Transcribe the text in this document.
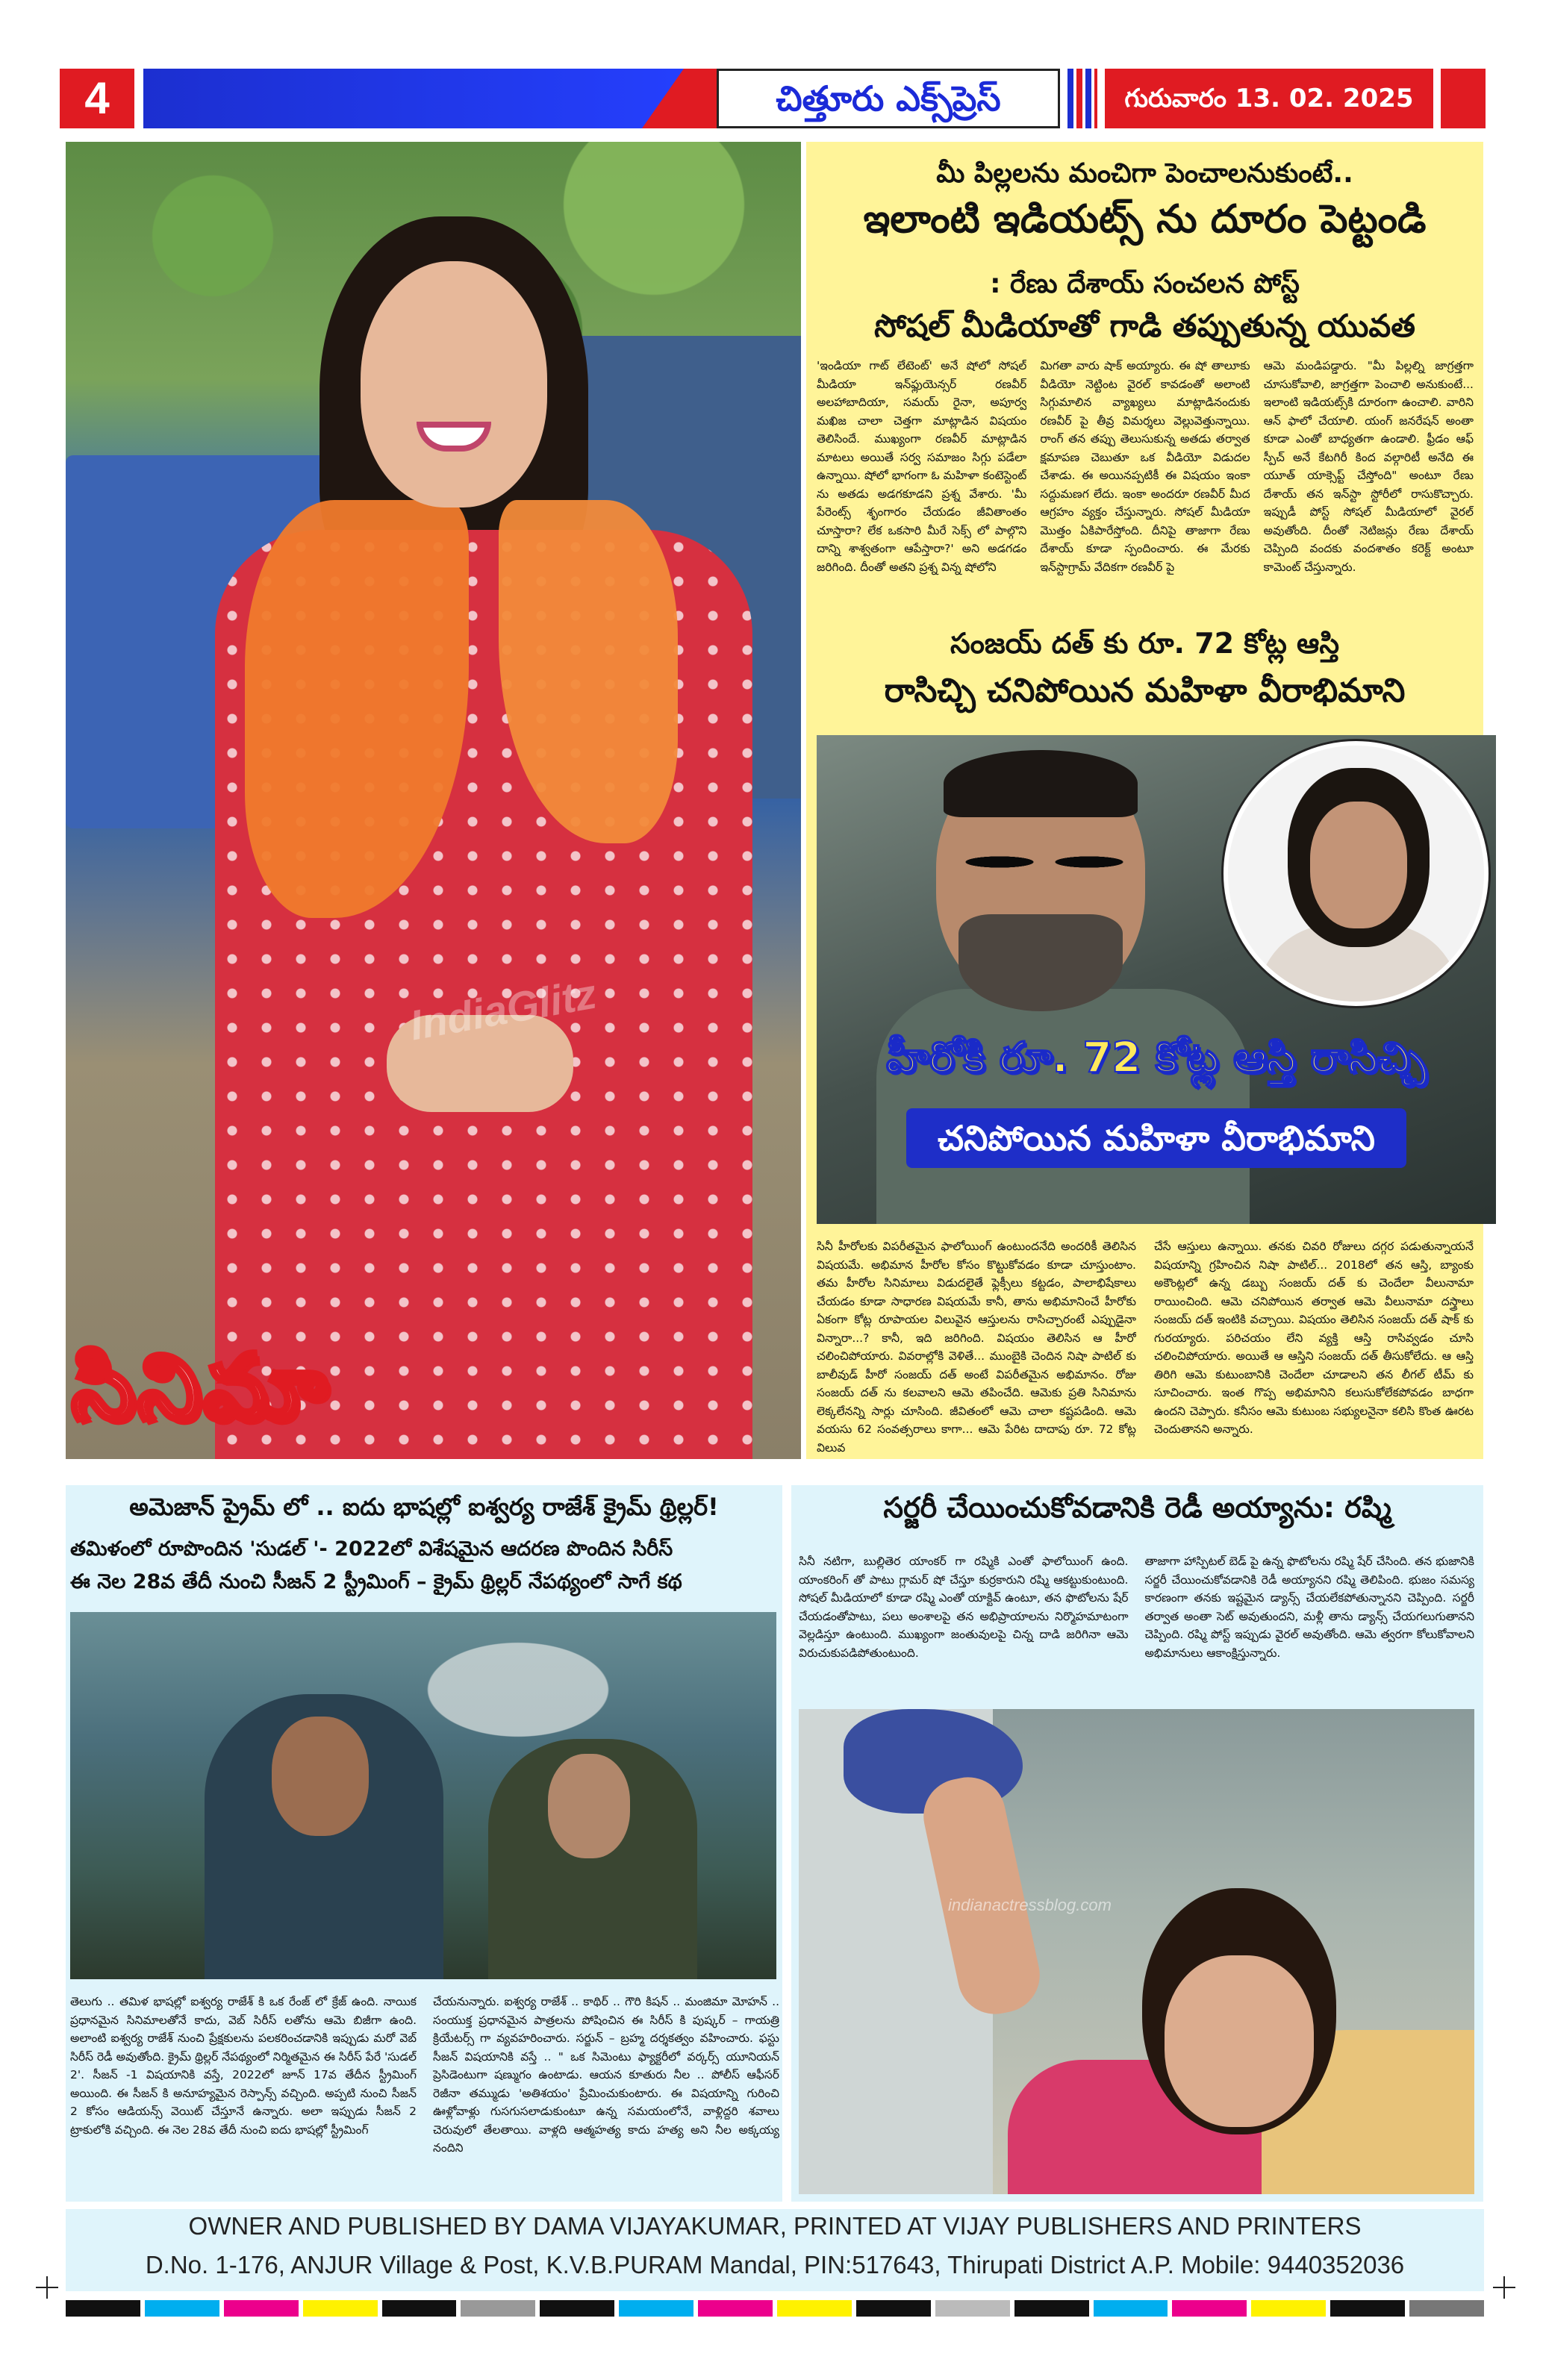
4	చిత్తూరు ఎక్స్‌ప్రెస్	గురువారం 13. 02. 2025
IndiaGlitz
సినిమా
మీ పిల్లలను మంచిగా పెంచాలనుకుంటే..
ఇలాంటి ఇడియట్స్ ను దూరం పెట్టండి
: రేణు దేశాయ్ సంచలన పోస్ట్
సోషల్ మీడియాతో గాడి తప్పుతున్న యువత
'ఇండియా గాట్ లేటెంట్' అనే షోలో సోషల్ మీడియా ఇన్‌ఫ్లుయెన్సర్ రణవీర్ అలహాబాదియా, సమయ్ రైనా, అపూర్వ మఖిజ చాలా చెత్తగా మాట్లాడిన విషయం తెలిసిందే. ముఖ్యంగా రణవీర్ మాట్లాడిన మాటలు అయితే సర్వ సమాజం సిగ్గు పడేలా ఉన్నాయి. షోలో భాగంగా ఓ మహిళా కంటెస్టెంట్ ను అతడు అడగకూడని ప్రశ్న వేశారు. 'మీ పేరెంట్స్ శృంగారం చేయడం జీవితాంతం చూస్తారా? లేక ఒకసారి మీరే సెక్స్ లో పాల్గొని దాన్ని శాశ్వతంగా ఆపేస్తారా?' అని అడగడం జరిగింది. దీంతో అతని ప్రశ్న విన్న షోలోని
మిగతా వారు షాక్ అయ్యారు. ఈ షో తాలూకు వీడియో నెట్టింట వైరల్ కావడంతో అలాంటి సిగ్గుమాలిన వ్యాఖ్యలు మాట్లాడినందుకు రణవీర్ పై తీవ్ర విమర్శలు వెల్లువెత్తున్నాయి. రాంగ్ తన తప్పు తెలుసుకున్న అతడు తర్వాత క్షమాపణ చెబుతూ ఒక వీడియో విడుదల చేశాడు. ఈ అయినప్పటికీ ఈ విషయం ఇంకా సద్దుమణగ లేదు. ఇంకా అందరూ రణవీర్ మీద ఆగ్రహం వ్యక్తం చేస్తున్నారు. సోషల్ మీడియా మొత్తం ఏకిపారేస్తోంది. దీనిపై తాజాగా రేణు దేశాయ్ కూడా స్పందించారు. ఈ మేరకు ఇన్‌స్టాగ్రామ్ వేదికగా రణవీర్ పై
ఆమె మండిపడ్డారు. "మీ పిల్లల్ని జాగ్రత్తగా చూసుకోవాలి, జాగ్రత్తగా పెంచాలి అనుకుంటే... ఇలాంటి ఇడియట్స్‌కి దూరంగా ఉంచాలి. వారిని ఆన్ ఫాలో చేయాలి. యంగ్ జనరేషన్ అంతా కూడా ఎంతో బాధ్యతగా ఉండాలి. ఫ్రీడం ఆఫ్ స్పీచ్ అనే కేటగిరీ కింద వల్గారిటీ అనేది ఈ యూత్ యాక్సెప్ట్ చేస్తోంది" అంటూ రేణు దేశాయ్ తన ఇన్‌స్టా స్టోరీలో రాసుకొచ్చారు. ఇప్పుడీ పోస్ట్ సోషల్ మీడియాలో వైరల్ అవుతోంది. దీంతో నెటిజన్లు రేణు దేశాయ్ చెప్పింది వందకు వందశాతం కరెక్ట్ అంటూ కామెంట్ చేస్తున్నారు.
సంజయ్ దత్ కు రూ. 72 కోట్ల ఆస్తి
రాసిచ్చి చనిపోయిన మహిళా వీరాభిమాని
హీరోకి రూ. 72 కోట్ల ఆస్తి రాసిచ్చి
చనిపోయిన మహిళా వీరాభిమాని
సినీ హీరోలకు విపరీతమైన ఫాలోయింగ్ ఉంటుందనేది అందరికీ తెలిసిన విషయమే. అభిమాన హీరోల కోసం కొట్టుకోవడం కూడా చూస్తుంటాం. తమ హీరోల సినిమాలు విడుదలైతే ఫ్లెక్సీలు కట్టడం, పాలాభిషేకాలు చేయడం కూడా సాధారణ విషయమే కానీ, తాను అభిమానించే హీరోకు ఏకంగా కోట్ల రూపాయల విలువైన ఆస్తులను రాసిచ్చారంటే ఎప్పుడైనా విన్నారా...? కానీ, ఇది జరిగింది. విషయం తెలిసిన ఆ హీరో చలించిపోయారు. వివరాల్లోకి వెళితే... ముంబైకి చెందిన నిషా పాటిల్ కు బాలీవుడ్ హీరో సంజయ్ దత్ అంటే విపరీతమైన అభిమానం. రోజు సంజయ్ దత్ ను కలవాలని ఆమె తపించేది. ఆమెకు ప్రతి సినిమాను లెక్కలేనన్ని సార్లు చూసింది. జీవితంలో ఆమె చాలా కష్టపడింది. ఆమె వయసు 62 సంవత్సరాలు కాగా... ఆమె పేరిట దాదాపు రూ. 72 కోట్ల విలువ
చేసే ఆస్తులు ఉన్నాయి. తనకు చివరి రోజులు దగ్గర పడుతున్నాయనే విషయాన్ని గ్రహించిన నిషా పాటిల్... 2018లో తన ఆస్తి, బ్యాంకు అకౌంట్లలో ఉన్న డబ్బు సంజయ్ దత్ కు చెందేలా వీలునామా రాయించింది. ఆమె చనిపోయిన తర్వాత ఆమె వీలునామా దస్త్రాలు సంజయ్ దత్ ఇంటికి వచ్చాయి. విషయం తెలిసిన సంజయ్ దత్ షాక్ కు గురయ్యారు. పరిచయం లేని వ్యక్తి ఆస్తి రాసివ్వడం చూసి చలించిపోయారు. అయితే ఆ ఆస్తిని సంజయ్ దత్ తీసుకోలేదు. ఆ ఆస్తి తిరిగి ఆమె కుటుంబానికి చెందేలా చూడాలని తన లీగల్ టీమ్ కు సూచించారు. ఇంత గొప్ప అభిమానిని కలుసుకోలేకపోవడం బాధగా ఉందని చెప్పారు. కనీసం ఆమె కుటుంబ సభ్యులనైనా కలిసి కొంత ఊరట చెందుతానని అన్నారు.
అమెజాన్ ప్రైమ్ లో .. ఐదు భాషల్లో ఐశ్వర్య రాజేశ్ క్రైమ్ థ్రిల్లర్!
తమిళంలో రూపొందిన 'సుడల్ '- 2022లో విశేషమైన ఆదరణ పొందిన సిరీస్
ఈ నెల 28వ తేదీ నుంచి సీజన్ 2 స్ట్రీమింగ్ – క్రైమ్ థ్రిల్లర్ నేపథ్యంలో సాగే కథ
తెలుగు .. తమిళ భాషల్లో ఐశ్వర్య రాజేశ్ కి ఒక రేంజ్ లో క్రేజ్ ఉంది. నాయిక ప్రధానమైన సినిమాలతోనే కాదు, వెబ్ సిరీస్ లతోను ఆమె బిజీగా ఉంది. అలాంటి ఐశ్వర్య రాజేశ్ నుంచి ప్రేక్షకులను పలకరించడానికి ఇప్పుడు మరో వెబ్ సిరీస్ రెడీ అవుతోంది. క్రైమ్ థ్రిల్లర్ నేపథ్యంలో నిర్మితమైన ఈ సిరీస్ పేరే 'సుడల్ 2'. సీజన్ -1 విషయానికి వస్తే, 2022లో జూన్ 17వ తేదీన స్ట్రీమింగ్ అయింది. ఈ సీజన్ కి అనూహ్యమైన రెస్పాన్స్ వచ్చింది. అప్పటి నుంచి సీజన్ 2 కోసం ఆడియన్స్ వెయిట్ చేస్తూనే ఉన్నారు. అలా ఇప్పుడు సీజన్ 2 ట్రాకులోకి వచ్చింది. ఈ నెల 28వ తేదీ నుంచి ఐదు భాషల్లో స్ట్రీమింగ్
చేయనున్నారు. ఐశ్వర్య రాజేశ్ .. కాథిర్ .. గౌరి కిషన్ .. మంజిమా మోహన్ .. సంయుక్త ప్రధానమైన పాత్రలను పోషించిన ఈ సిరీస్ కి పుష్కర్ – గాయత్రి క్రియేటర్స్ గా వ్యవహరించారు. సర్జున్ – బ్రహ్మ దర్శకత్వం వహించారు. ఫస్టు సీజన్ విషయానికి వస్తే .. " ఒక సిమెంటు ఫ్యాక్టరీలో వర్కర్స్ యూనియన్ ప్రెసిడెంటుగా షణ్ముగం ఉంటాడు. ఆయన కూతురు నీల .. పోలీస్ ఆఫీసర్ రెజీనా తమ్ముడు 'అతిశయం' ప్రేమించుకుంటారు. ఈ విషయాన్ని గురించి ఊళ్లోవాళ్లు గుసగుసలాడుకుంటూ ఉన్న సమయంలోనే, వాళ్లిద్దరి శవాలు చెరువులో తేలతాయి. వాళ్లది ఆత్మహత్య కాదు హత్య అని నీల అక్కయ్య నందిని
సర్జరీ చేయించుకోవడానికి రెడీ అయ్యాను: రష్మి
సినీ నటిగా, బుల్లితెర యాంకర్ గా రష్మికి ఎంతో ఫాలోయింగ్ ఉంది. యాంకరింగ్ తో పాటు గ్లామర్ షో చేస్తూ కుర్రకారుని రష్మి ఆకట్టుకుంటుంది. సోషల్ మీడియాలో కూడా రష్మి ఎంతో యాక్టివ్ ఉంటూ, తన ఫొటోలను షేర్ చేయడంతోపాటు, పలు అంశాలపై తన అభిప్రాయాలను నిర్మొహమాటంగా వెల్లడిస్తూ ఉంటుంది. ముఖ్యంగా జంతువులపై చిన్న దాడి జరిగినా ఆమె విరుచుకుపడిపోతుంటుంది.
తాజాగా హాస్పిటల్ బెడ్ పై ఉన్న ఫొటోలను రష్మి షేర్ చేసింది. తన భుజానికి సర్జరీ చేయించుకోవడానికి రెడీ అయ్యానని రష్మి తెలిపింది. భుజం సమస్య కారణంగా తనకు ఇష్టమైన డ్యాన్స్ చేయలేకపోతున్నానని చెప్పింది. సర్జరీ తర్వాత అంతా సెట్ అవుతుందని, మళ్లీ తాను డ్యాన్స్ చేయగలుగుతానని చెప్పింది. రష్మి పోస్ట్ ఇప్పుడు వైరల్ అవుతోంది. ఆమె త్వరగా కోలుకోవాలని అభిమానులు ఆకాంక్షిస్తున్నారు.
indianactressblog.com
OWNER AND PUBLISHED BY DAMA VIJAYAKUMAR, PRINTED AT VIJAY PUBLISHERS AND PRINTERS
D.No. 1-176, ANJUR Village & Post, K.V.B.PURAM Mandal, PIN:517643, Thirupati District A.P. Mobile: 9440352036
